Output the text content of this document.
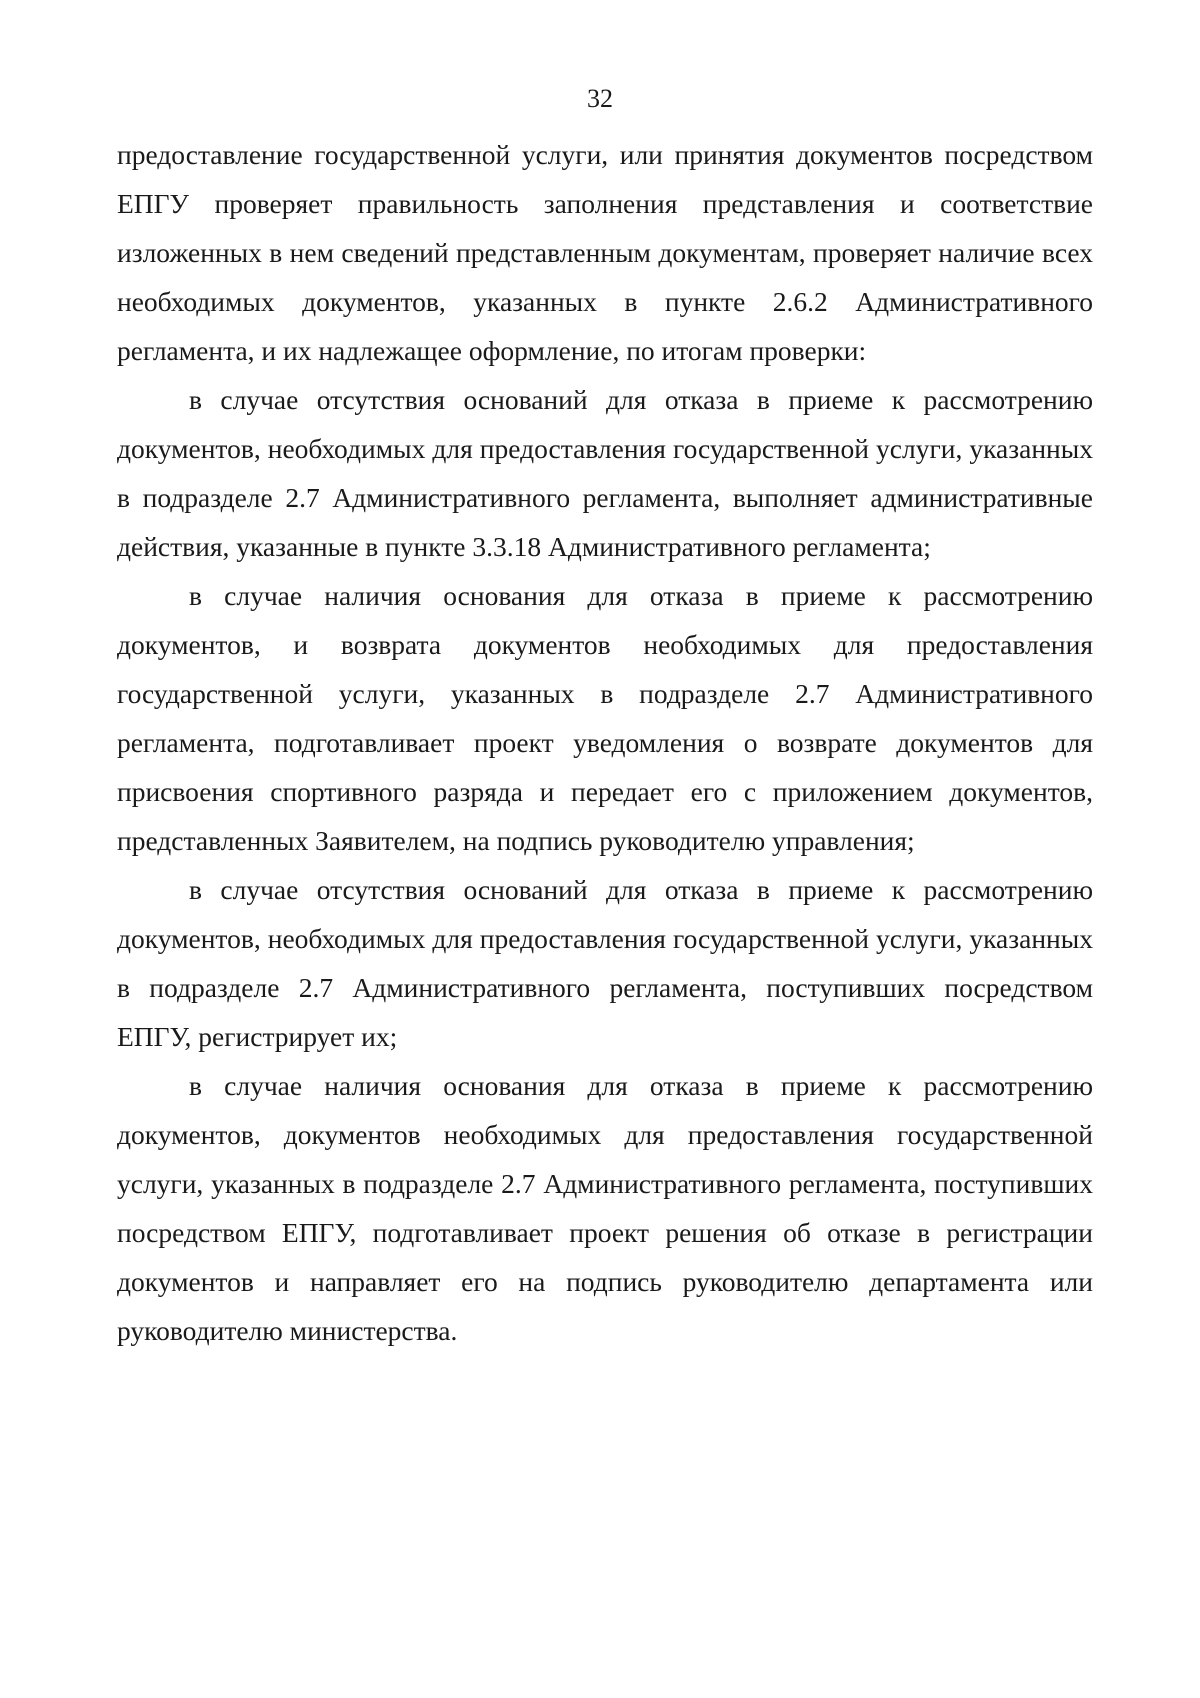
32

предоставление государственной услуги, или принятия документов посредством ЕПГУ проверяет правильность заполнения представления и соответствие изложенных в нем сведений представленным документам, проверяет наличие всех необходимых документов, указанных в пункте 2.6.2 Административного регламента, и их надлежащее оформление, по итогам проверки:

в случае отсутствия оснований для отказа в приеме к рассмотрению документов, необходимых для предоставления государственной услуги, указанных в подразделе 2.7 Административного регламента, выполняет административные действия, указанные в пункте 3.3.18 Административного регламента;

в случае наличия основания для отказа в приеме к рассмотрению документов, и возврата документов необходимых для предоставления государственной услуги, указанных в подразделе 2.7 Административного регламента, подготавливает проект уведомления о возврате документов для присвоения спортивного разряда и передает его с приложением документов, представленных Заявителем, на подпись руководителю управления;

в случае отсутствия оснований для отказа в приеме к рассмотрению документов, необходимых для предоставления государственной услуги, указанных в подразделе 2.7 Административного регламента, поступивших посредством ЕПГУ, регистрирует их;

в случае наличия основания для отказа в приеме к рассмотрению документов, документов необходимых для предоставления государственной услуги, указанных в подразделе 2.7 Административного регламента, поступивших посредством ЕПГУ, подготавливает проект решения об отказе в регистрации документов и направляет его на подпись руководителю департамента или руководителю министерства.
